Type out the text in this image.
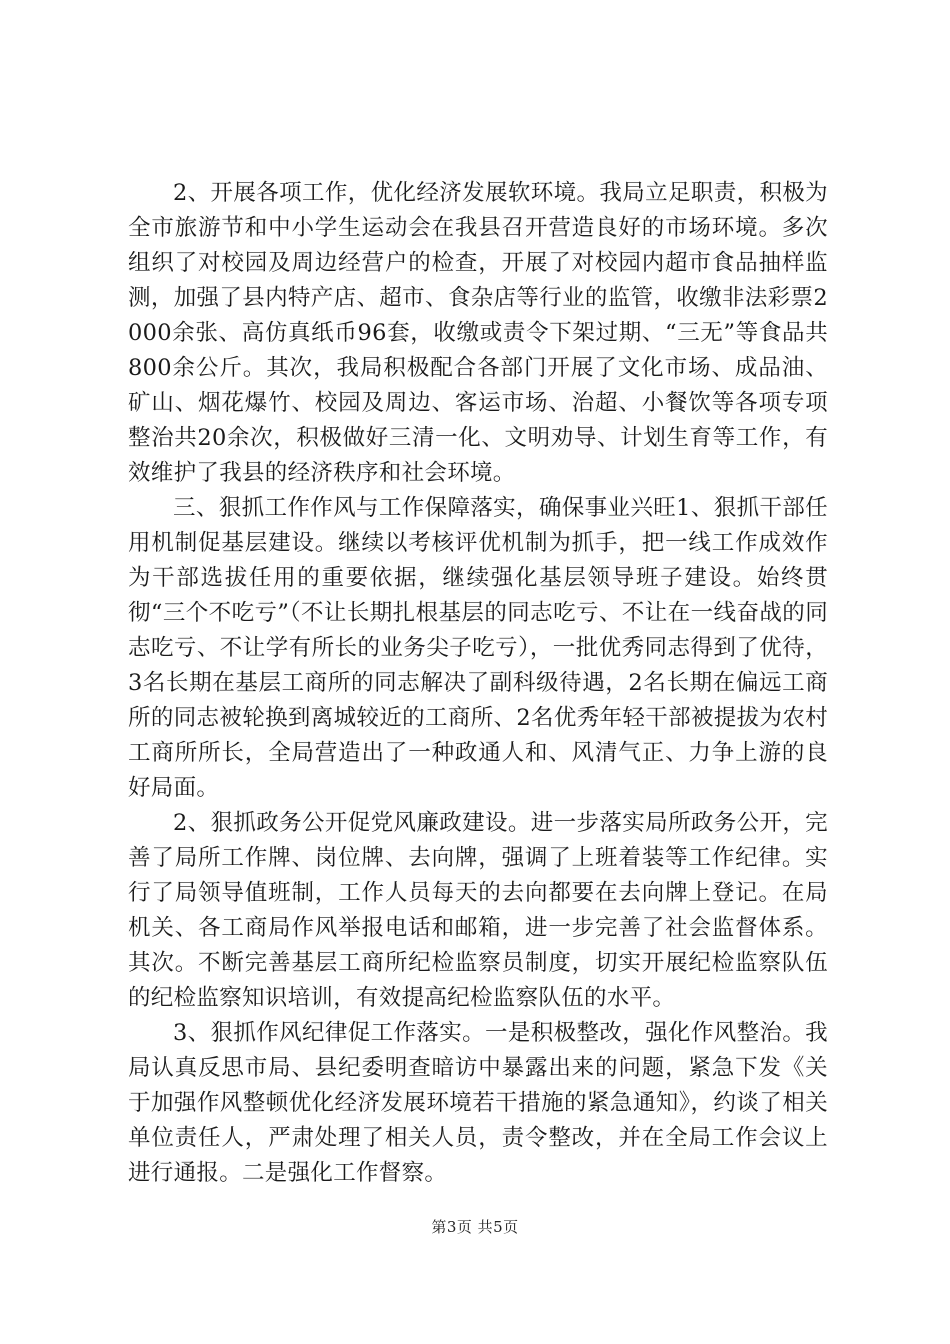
2、开展各项工作，优化经济发展软环境。我局立足职责，积极为全市旅游节和中小学生运动会在我县召开营造良好的市场环境。多次组织了对校园及周边经营户的检查，开展了对校园内超市食品抽样监测，加强了县内特产店、超市、食杂店等行业的监管，收缴非法彩票2000余张、高仿真纸币96套，收缴或责令下架过期、“三无”等食品共800余公斤。其次，我局积极配合各部门开展了文化市场、成品油、矿山、烟花爆竹、校园及周边、客运市场、治超、小餐饮等各项专项整治共20余次，积极做好三清一化、文明劝导、计划生育等工作，有效维护了我县的经济秩序和社会环境。

三、狠抓工作作风与工作保障落实，确保事业兴旺1、狠抓干部任用机制促基层建设。继续以考核评优机制为抓手，把一线工作成效作为干部选拔任用的重要依据，继续强化基层领导班子建设。始终贯彻“三个不吃亏”（不让长期扎根基层的同志吃亏、不让在一线奋战的同志吃亏、不让学有所长的业务尖子吃亏），一批优秀同志得到了优待，3名长期在基层工商所的同志解决了副科级待遇，2名长期在偏远工商所的同志被轮换到离城较近的工商所、2名优秀年轻干部被提拔为农村工商所所长，全局营造出了一种政通人和、风清气正、力争上游的良好局面。

2、狠抓政务公开促党风廉政建设。进一步落实局所政务公开，完善了局所工作牌、岗位牌、去向牌，强调了上班着装等工作纪律。实行了局领导值班制，工作人员每天的去向都要在去向牌上登记。在局机关、各工商局作风举报电话和邮箱，进一步完善了社会监督体系。其次。不断完善基层工商所纪检监察员制度，切实开展纪检监察队伍的纪检监察知识培训，有效提高纪检监察队伍的水平。

3、狠抓作风纪律促工作落实。一是积极整改，强化作风整治。我局认真反思市局、县纪委明查暗访中暴露出来的问题，紧急下发《关于加强作风整顿优化经济发展环境若干措施的紧急通知》，约谈了相关单位责任人，严肃处理了相关人员，责令整改，并在全局工作会议上进行通报。二是强化工作督察。

第3页 共5页
